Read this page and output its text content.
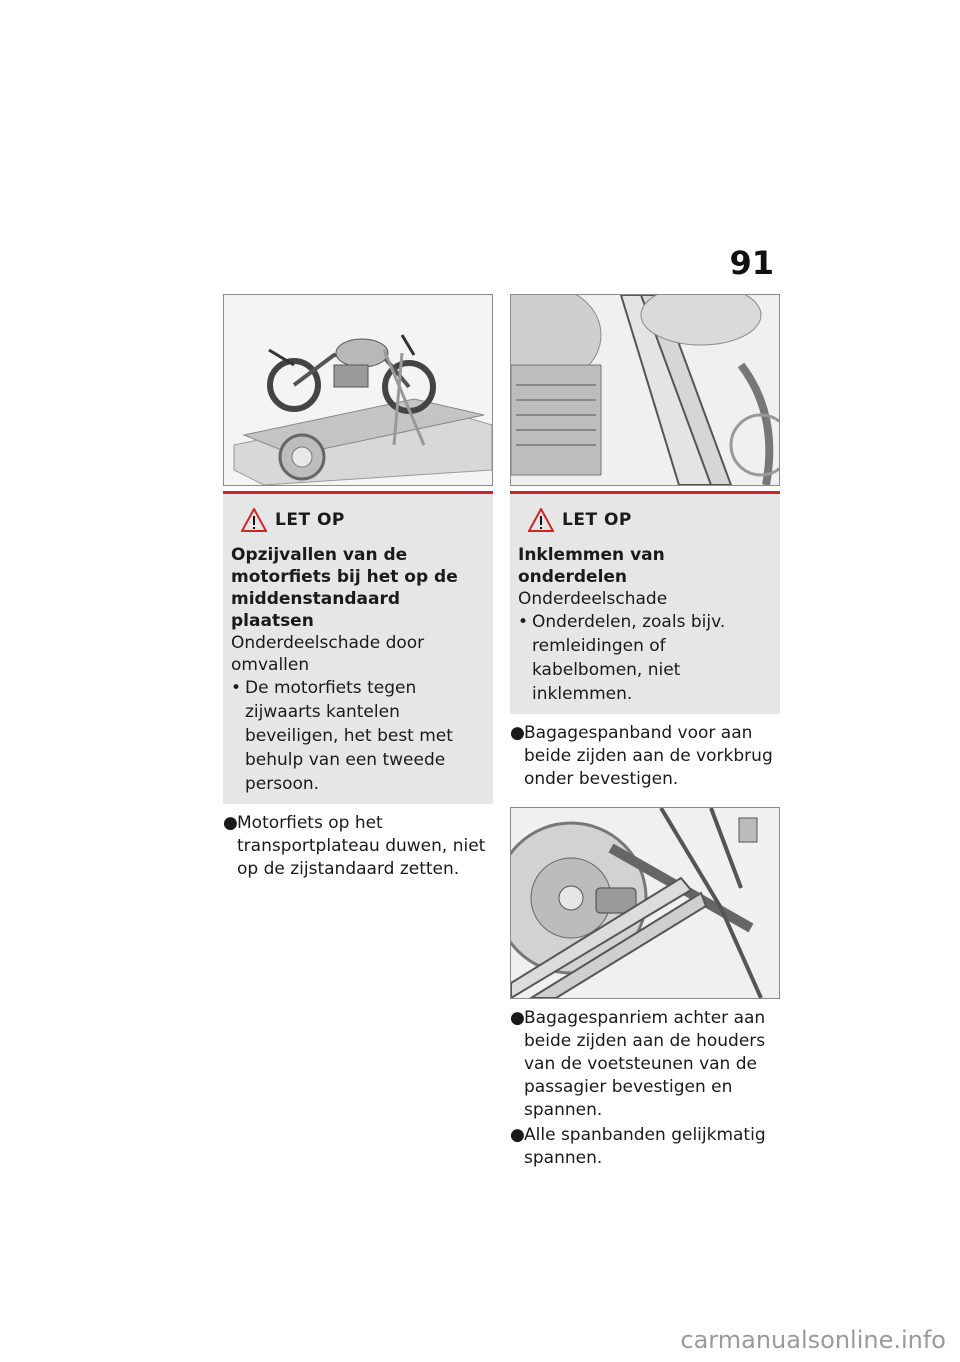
91
LET OP
Opzijvallen van de motorfiets bij het op de middenstandaard plaatsen
Onderdeelschade door omvallen
• De motorfiets tegen zijwaarts kantelen beveiligen, het best met behulp van een tweede persoon.
● Motorfiets op het transportplateau duwen, niet op de zijstandaard zetten.
LET OP
Inklemmen van onderdelen
Onderdeelschade
• Onderdelen, zoals bijv. remleidingen of kabelbomen, niet inklemmen.
● Bagagespanband voor aan beide zijden aan de vorkbrug onder bevestigen.
● Bagagespanriem achter aan beide zijden aan de houders van de voetsteunen van de passagier bevestigen en spannen.
● Alle spanbanden gelijkmatig spannen.
carmanualsonline.info
